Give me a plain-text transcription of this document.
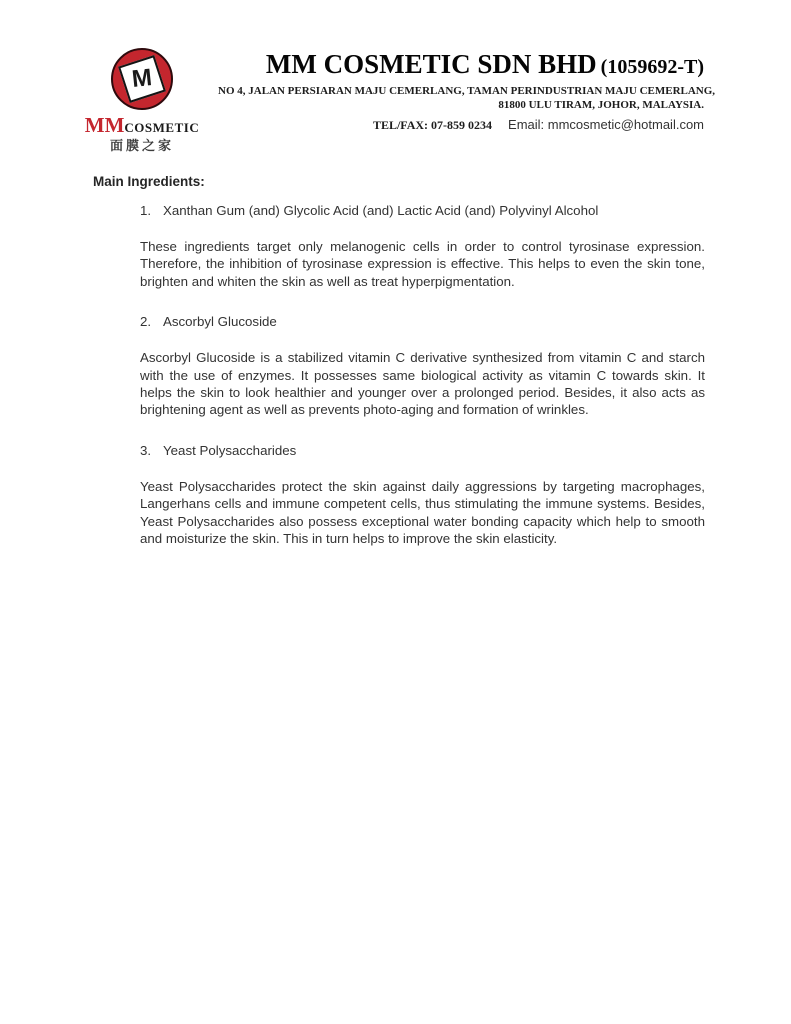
M
MMCOSMETIC
面膜之家
MM COSMETIC SDN BHD (1059692-T)
NO 4, JALAN PERSIARAN MAJU CEMERLANG, TAMAN PERINDUSTRIAN MAJU CEMERLANG,
81800 ULU TIRAM, JOHOR, MALAYSIA.
TEL/FAX: 07-859 0234 Email: mmcosmetic@hotmail.com

Main Ingredients:

1. Xanthan Gum (and) Glycolic Acid (and) Lactic Acid (and) Polyvinyl Alcohol

These ingredients target only melanogenic cells in order to control tyrosinase expression. Therefore, the inhibition of tyrosinase expression is effective. This helps to even the skin tone, brighten and whiten the skin as well as treat hyperpigmentation.

2. Ascorbyl Glucoside

Ascorbyl Glucoside is a stabilized vitamin C derivative synthesized from vitamin C and starch with the use of enzymes. It possesses same biological activity as vitamin C towards skin. It helps the skin to look healthier and younger over a prolonged period. Besides, it also acts as brightening agent as well as prevents photo-aging and formation of wrinkles.

3. Yeast Polysaccharides

Yeast Polysaccharides protect the skin against daily aggressions by targeting macrophages, Langerhans cells and immune competent cells, thus stimulating the immune systems. Besides, Yeast Polysaccharides also possess exceptional water bonding capacity which help to smooth and moisturize the skin. This in turn helps to improve the skin elasticity.
